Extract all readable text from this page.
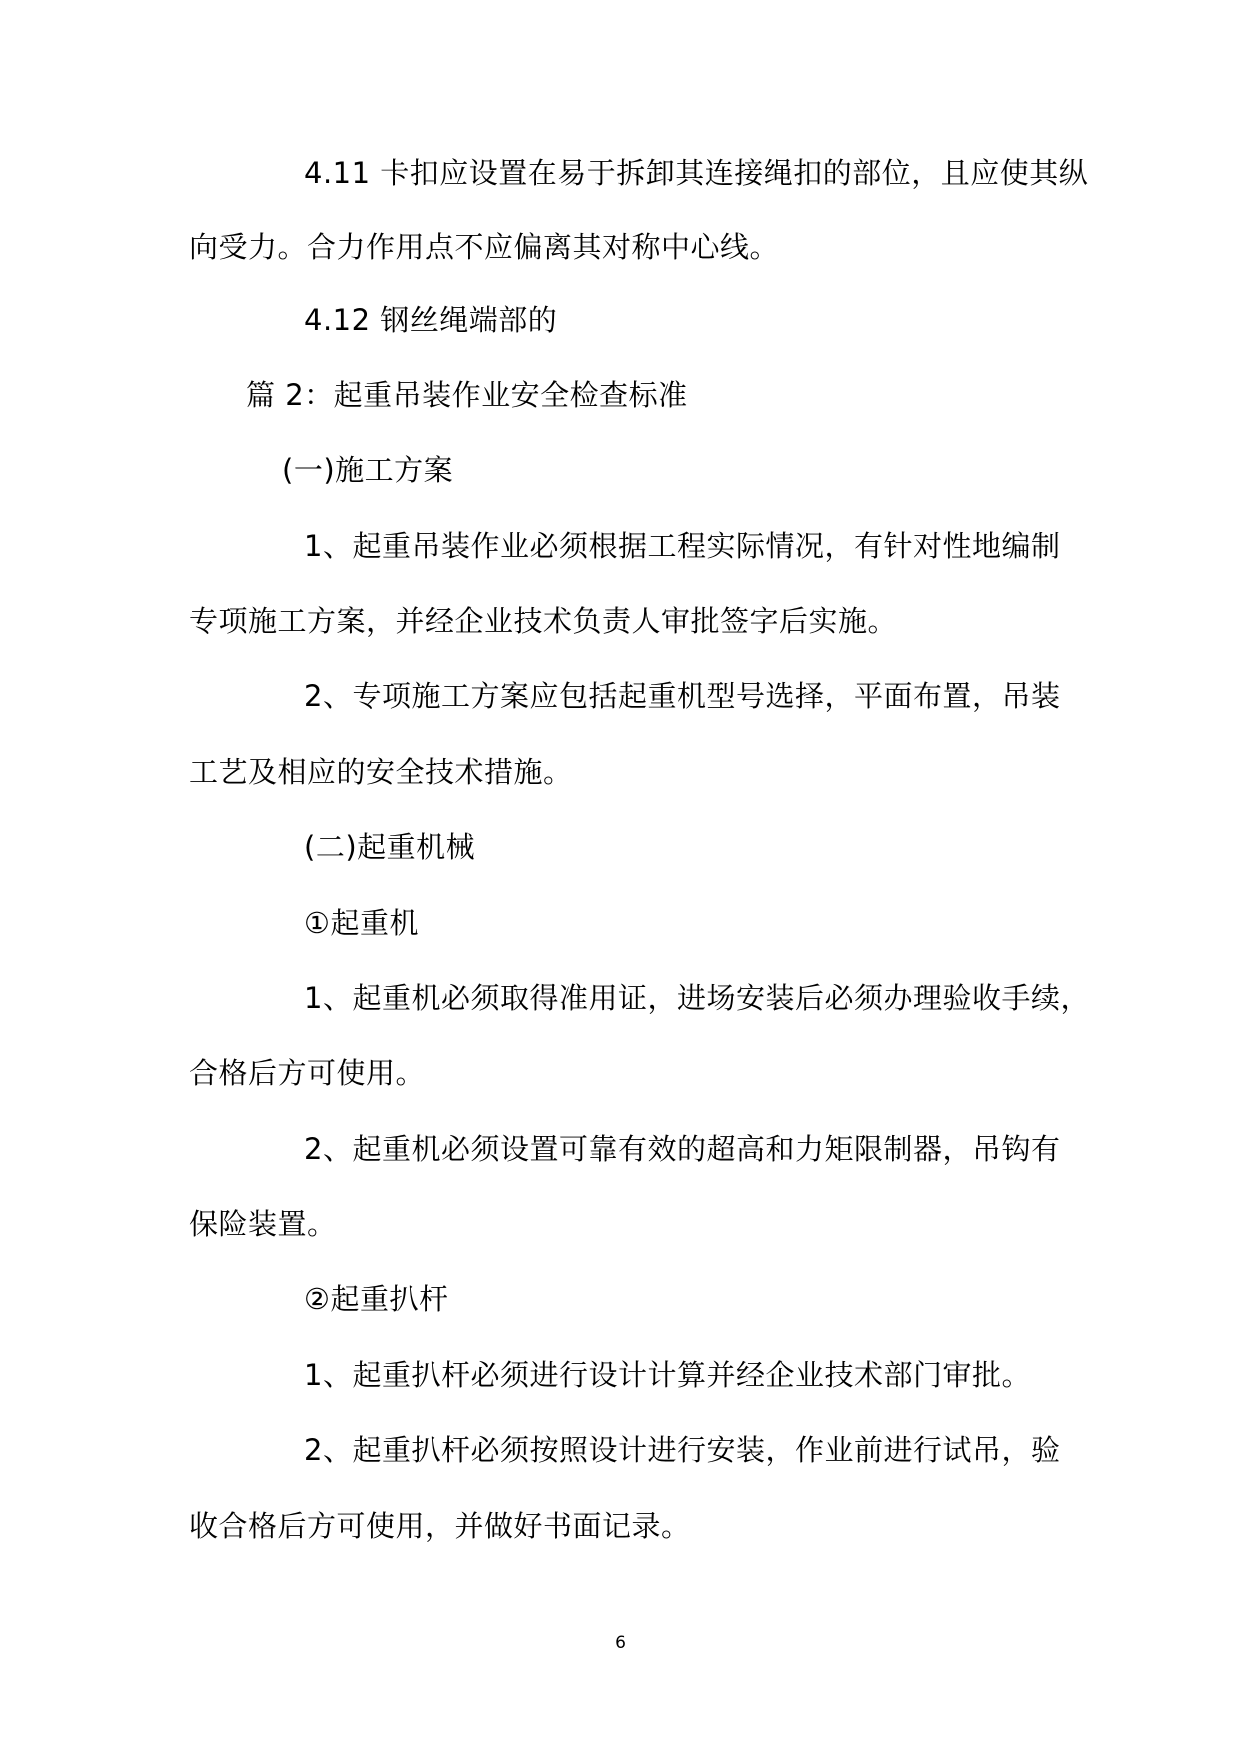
4.11 卡扣应设置在易于拆卸其连接绳扣的部位，且应使其纵
向受力。合力作用点不应偏离其对称中心线。
4.12 钢丝绳端部的
篇 2：起重吊装作业安全检查标准
(一)施工方案
1、起重吊装作业必须根据工程实际情况，有针对性地编制
专项施工方案，并经企业技术负责人审批签字后实施。
2、专项施工方案应包括起重机型号选择，平面布置，吊装
工艺及相应的安全技术措施。
(二)起重机械
①起重机
1、起重机必须取得准用证，进场安装后必须办理验收手续，
合格后方可使用。
2、起重机必须设置可靠有效的超高和力矩限制器，吊钩有
保险装置。
②起重扒杆
1、起重扒杆必须进行设计计算并经企业技术部门审批。
2、起重扒杆必须按照设计进行安装，作业前进行试吊，验
收合格后方可使用，并做好书面记录。
6
